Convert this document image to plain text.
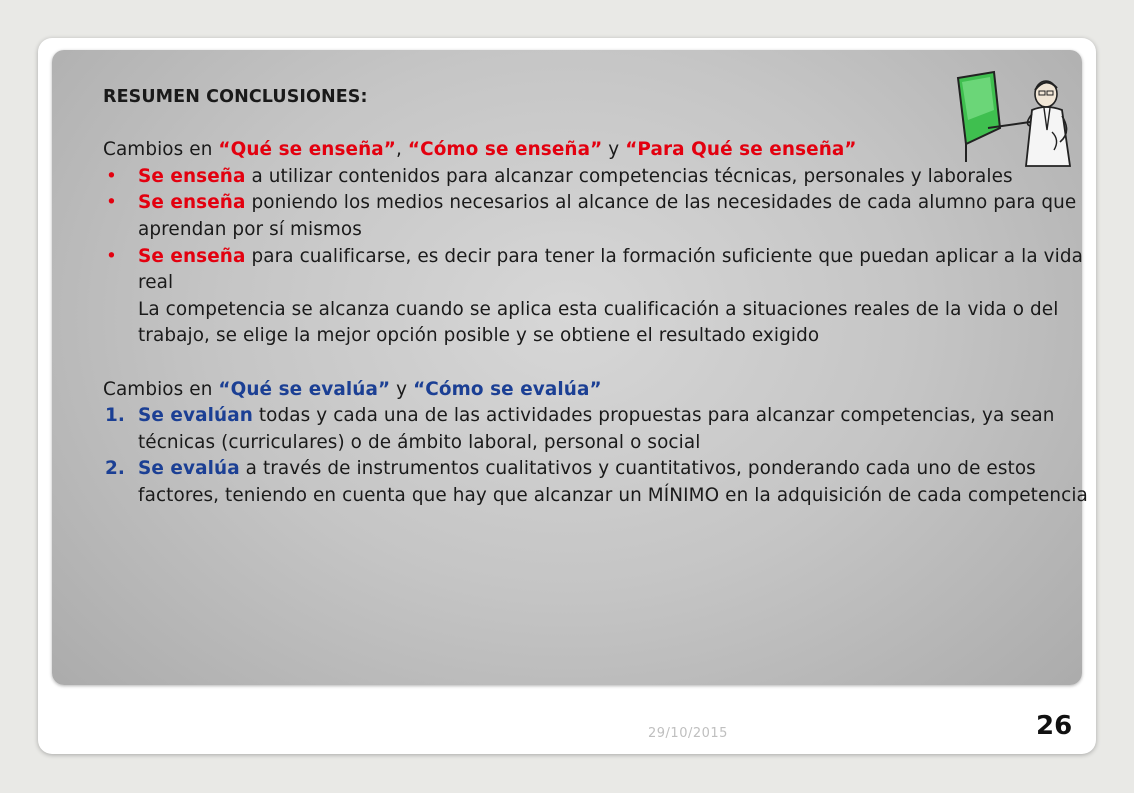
RESUMEN CONCLUSIONES:

Cambios en “Qué se enseña”, “Cómo se enseña” y “Para Qué se enseña”

•	Se enseña a utilizar contenidos para alcanzar competencias técnicas, personales y laborales
•	Se enseña poniendo los medios necesarios al alcance de las necesidades de cada alumno para que aprendan por sí mismos
•	Se enseña para cualificarse, es decir para tener la formación suficiente que puedan aplicar a la vida real

La competencia se alcanza cuando se aplica esta cualificación a situaciones reales de la vida o del trabajo, se elige la mejor opción posible y se obtiene el resultado exigido

Cambios en “Qué se evalúa” y “Cómo se evalúa”

1. Se evalúan todas y cada una de las actividades propuestas para alcanzar competencias, ya sean técnicas (curriculares) o de ámbito laboral, personal o social
2. Se evalúa a través de instrumentos cualitativos y cuantitativos, ponderando cada uno de estos factores, teniendo en cuenta que hay que alcanzar un MÍNIMO en la adquisición de cada competencia
29/10/2015	26
